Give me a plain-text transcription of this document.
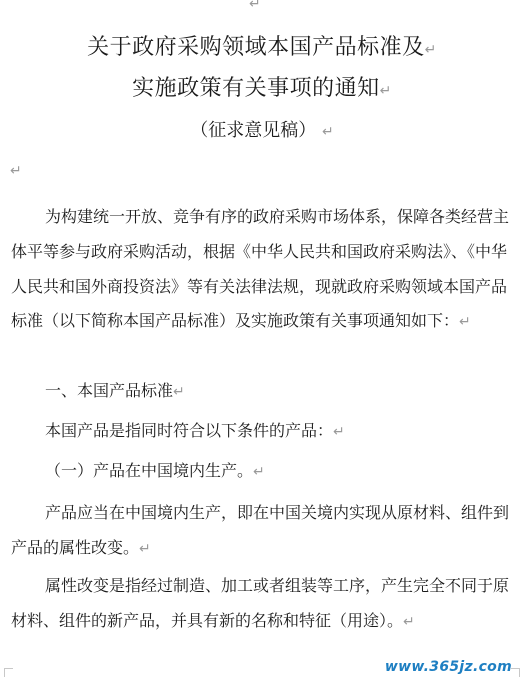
↵
关于政府采购领域本国产品标准及↵
实施政策有关事项的通知↵
（征求意见稿） ↵
↵
为构建统一开放、竞争有序的政府采购市场体系，保障各类经营主体平等参与政府采购活动，根据《中华人民共和国政府采购法》、《中华人民共和国外商投资法》等有关法律法规，现就政府采购领域本国产品标准（以下简称本国产品标准）及实施政策有关事项通知如下：↵
一、本国产品标准↵
本国产品是指同时符合以下条件的产品：↵
（一）产品在中国境内生产。↵
产品应当在中国境内生产，即在中国关境内实现从原材料、组件到产品的属性改变。↵
属性改变是指经过制造、加工或者组装等工序，产生完全不同于原材料、组件的新产品，并具有新的名称和特征（用途）。↵
www.365jz.com
